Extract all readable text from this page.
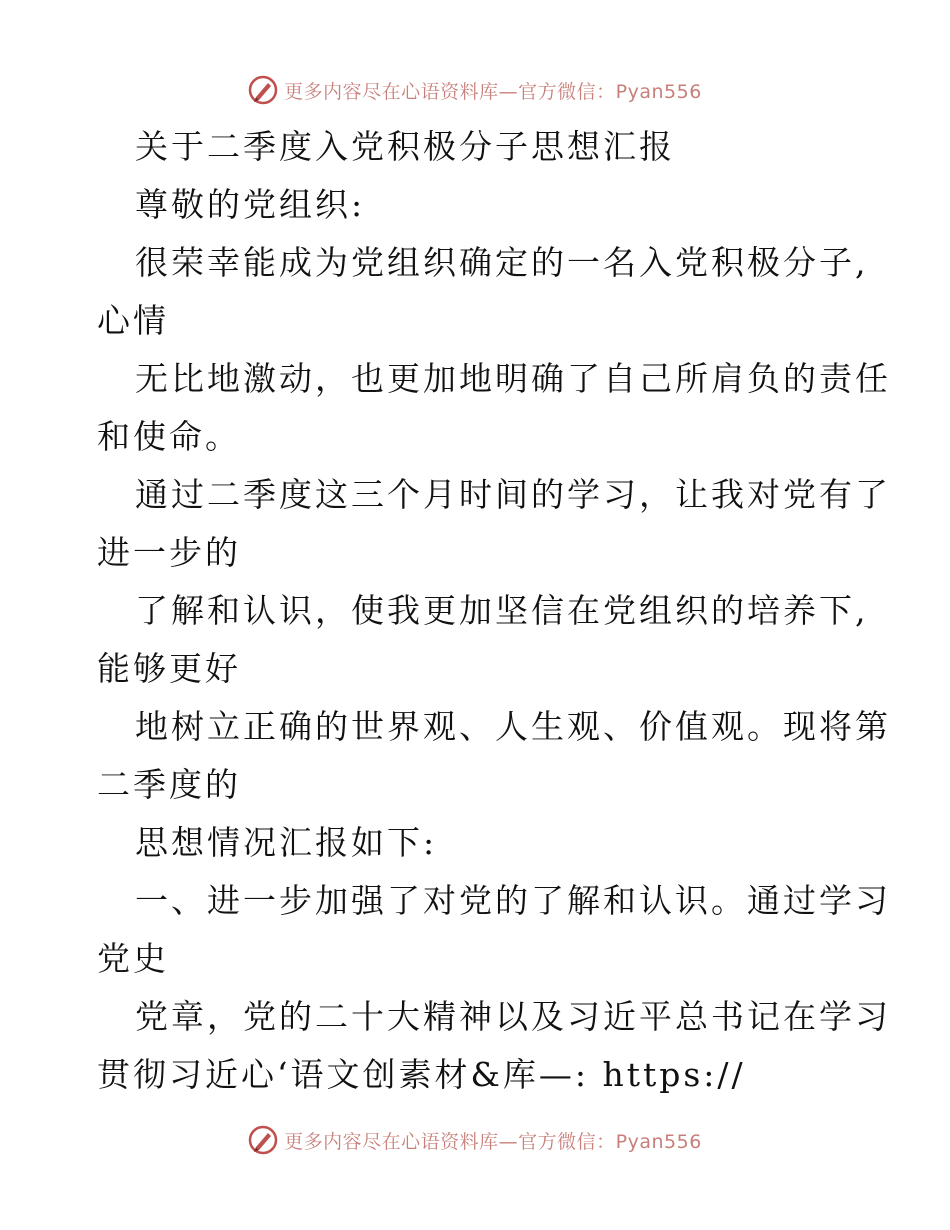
更多内容尽在心语资料库—官方微信：Pyan556
关于二季度入党积极分子思想汇报
尊敬的党组织:
很荣幸能成为党组织确定的一名入党积极分子,
心情
无比地激动，也更加地明确了自己所肩负的责任
和使命。
通过二季度这三个月时间的学习，让我对党有了
进一步的
了解和认识，使我更加坚信在党组织的培养下,
能够更好
地树立正确的世界观、人生观、价值观。现将第
二季度的
思想情况汇报如下:
一、进一步加强了对党的了解和认识。通过学习
党史
党章，党的二十大精神以及习近平总书记在学习
贯彻习近心‘语文创素材&库—: https://
更多内容尽在心语资料库—官方微信：Pyan556
